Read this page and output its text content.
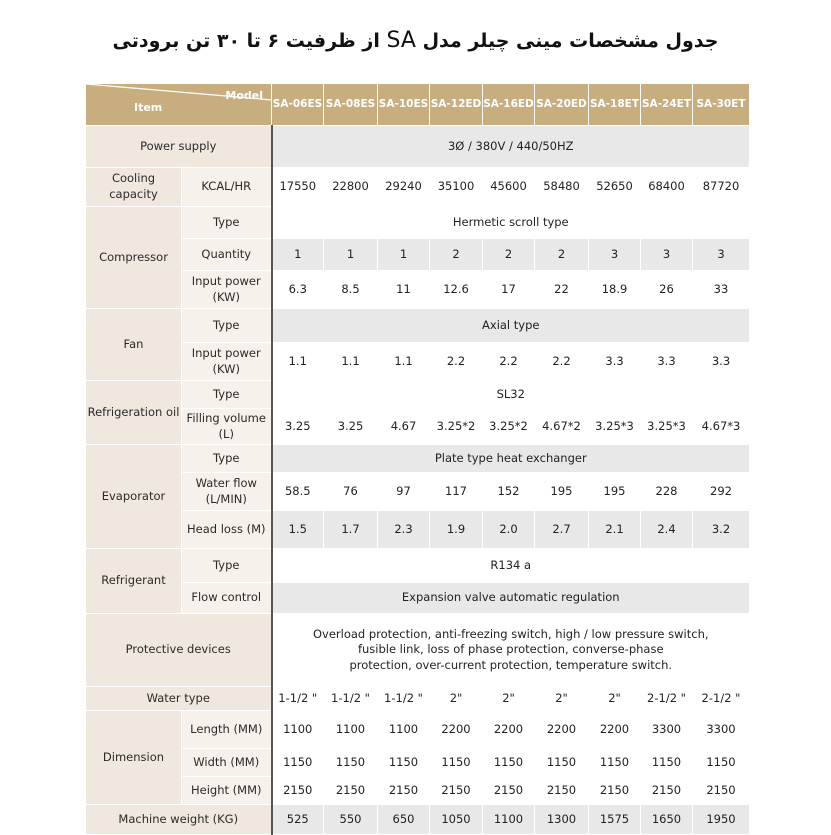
جدول مشخصات مینی چیلر مدل SA از ظرفیت ۶ تا ۳۰ تن برودتی
Model
Item		SA-06ES	SA-08ES	SA-10ES	SA-12ED	SA-16ED	SA-20ED	SA-18ET	SA-24ET	SA-30ET
Power supply		3Ø / 380V / 440/50HZ								
Cooling capacity	KCAL/HR	17550	22800	29240	35100	45600	58480	52650	68400	87720
Compressor	Type	Hermetic scroll type								
	Quantity	1	1	1	2	2	2	3	3	3
	Input power (KW)	6.3	8.5	11	12.6	17	22	18.9	26	33
Fan	Type	Axial type								
	Input power (KW)	1.1	1.1	1.1	2.2	2.2	2.2	3.3	3.3	3.3
Refrigeration oil	Type	SL32								
	Filling volume (L)	3.25	3.25	4.67	3.25*2	3.25*2	4.67*2	3.25*3	3.25*3	4.67*3
Evaporator	Type	Plate type heat exchanger								
	Water flow (L/MIN)	58.5	76	97	117	152	195	195	228	292
	Head loss (M)	1.5	1.7	2.3	1.9	2.0	2.7	2.1	2.4	3.2
Refrigerant	Type	R134 a								
	Flow control	Expansion valve automatic regulation								
Protective devices		Overload protection, anti-freezing switch, high / low pressure switch,
fusible link, loss of phase protection, converse-phase
protection, over-current protection, temperature switch.								

Water type		1-1/2 "	1-1/2 "	1-1/2 "	2"	2"	2"	2"	2-1/2 "	2-1/2 "
Dimension	Length (MM)	1100	1100	1100	2200	2200	2200	2200	3300	3300
	Width (MM)	1150	1150	1150	1150	1150	1150	1150	1150	1150
	Height (MM)	2150	2150	2150	2150	2150	2150	2150	2150	2150
Machine weight (KG)		525	550	650	1050	1100	1300	1575	1650	1950
